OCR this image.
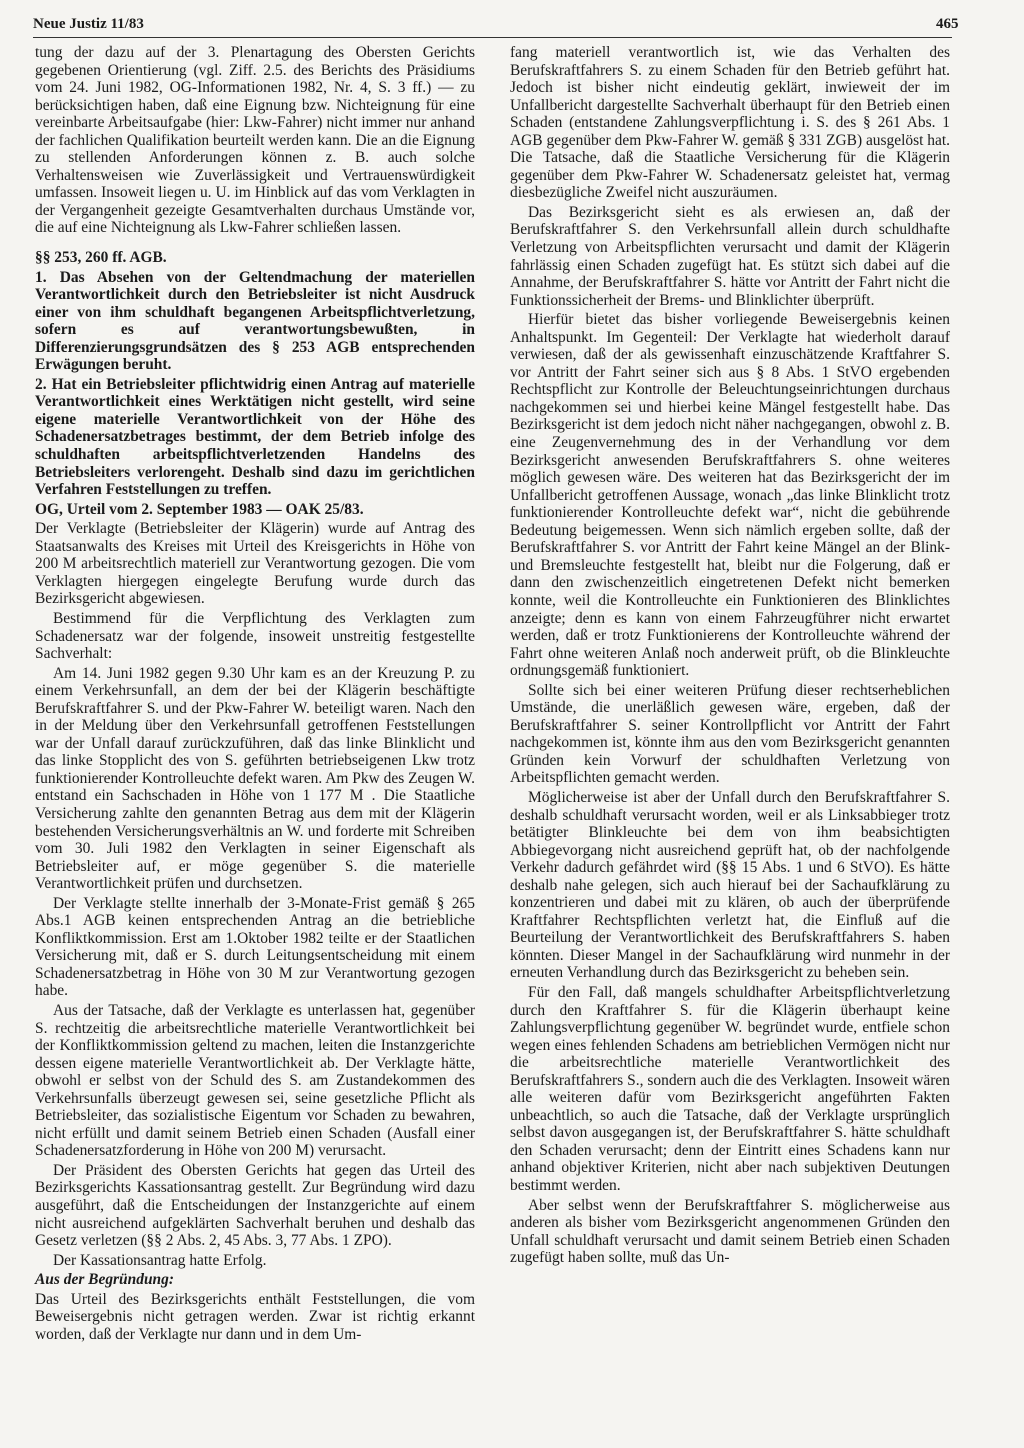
Neue Justiz 11/83	465

tung der dazu auf der 3. Plenartagung des Obersten Gerichts gegebenen Orientierung (vgl. Ziff. 2.5. des Berichts des Präsidiums vom 24. Juni 1982, OG-Informationen 1982, Nr. 4, S. 3 ff.) — zu berücksichtigen haben, daß eine Eignung bzw. Nichteignung für eine vereinbarte Arbeitsaufgabe (hier: Lkw-Fahrer) nicht immer nur anhand der fachlichen Qualifikation beurteilt werden kann. Die an die Eignung zu stellenden Anforderungen können z. B. auch solche Verhaltensweisen wie Zuverlässigkeit und Vertrauenswürdigkeit umfassen. Insoweit liegen u. U. im Hinblick auf das vom Verklagten in der Vergangenheit gezeigte Gesamtverhalten durchaus Umstände vor, die auf eine Nichteignung als Lkw-Fahrer schließen lassen.

§§ 253, 260 ff. AGB.

1. Das Absehen von der Geltendmachung der materiellen Verantwortlichkeit durch den Betriebsleiter ist nicht Ausdruck einer von ihm schuldhaft begangenen Arbeitspflichtverletzung, sofern es auf verantwortungsbewußten, in Differenzierungsgrundsätzen des § 253 AGB entsprechenden Erwägungen beruht.

2. Hat ein Betriebsleiter pflichtwidrig einen Antrag auf materielle Verantwortlichkeit eines Werktätigen nicht gestellt, wird seine eigene materielle Verantwortlichkeit von der Höhe des Schadenersatzbetrages bestimmt, der dem Betrieb infolge des schuldhaften arbeitspflichtverletzenden Handelns des Betriebsleiters verlorengeht. Deshalb sind dazu im gerichtlichen Verfahren Feststellungen zu treffen.

OG, Urteil vom 2. September 1983 — OAK 25/83.

Der Verklagte (Betriebsleiter der Klägerin) wurde auf Antrag des Staatsanwalts des Kreises mit Urteil des Kreisgerichts in Höhe von 200 M arbeitsrechtlich materiell zur Verantwortung gezogen. Die vom Verklagten hiergegen eingelegte Berufung wurde durch das Bezirksgericht abgewiesen.

Bestimmend für die Verpflichtung des Verklagten zum Schadenersatz war der folgende, insoweit unstreitig festgestellte Sachverhalt:

Am 14. Juni 1982 gegen 9.30 Uhr kam es an der Kreuzung P. zu einem Verkehrsunfall, an dem der bei der Klägerin beschäftigte Berufskraftfahrer S. und der Pkw-Fahrer W. beteiligt waren. Nach den in der Meldung über den Verkehrsunfall getroffenen Feststellungen war der Unfall darauf zurückzuführen, daß das linke Blinklicht und das linke Stopplicht des von S. geführten betriebseigenen Lkw trotz funktionierender Kontrolleuchte defekt waren. Am Pkw des Zeugen W. entstand ein Sachschaden in Höhe von 1 177 M . Die Staatliche Versicherung zahlte den genannten Betrag aus dem mit der Klägerin bestehenden Versicherungsverhältnis an W. und forderte mit Schreiben vom 30. Juli 1982 den Verklagten in seiner Eigenschaft als Betriebsleiter auf, er möge gegenüber S. die materielle Verantwortlichkeit prüfen und durchsetzen.

Der Verklagte stellte innerhalb der 3-Monate-Frist gemäß § 265 Abs.1 AGB keinen entsprechenden Antrag an die betriebliche Konfliktkommission. Erst am 1.Oktober 1982 teilte er der Staatlichen Versicherung mit, daß er S. durch Leitungsentscheidung mit einem Schadenersatzbetrag in Höhe von 30 M zur Verantwortung gezogen habe.

Aus der Tatsache, daß der Verklagte es unterlassen hat, gegenüber S. rechtzeitig die arbeitsrechtliche materielle Verantwortlichkeit bei der Konfliktkommission geltend zu machen, leiten die Instanzgerichte dessen eigene materielle Verantwortlichkeit ab. Der Verklagte hätte, obwohl er selbst von der Schuld des S. am Zustandekommen des Verkehrsunfalls überzeugt gewesen sei, seine gesetzliche Pflicht als Betriebsleiter, das sozialistische Eigentum vor Schaden zu bewahren, nicht erfüllt und damit seinem Betrieb einen Schaden (Ausfall einer Schadenersatzforderung in Höhe von 200 M) verursacht.

Der Präsident des Obersten Gerichts hat gegen das Urteil des Bezirksgerichts Kassationsantrag gestellt. Zur Begründung wird dazu ausgeführt, daß die Entscheidungen der Instanzgerichte auf einem nicht ausreichend aufgeklärten Sachverhalt beruhen und deshalb das Gesetz verletzen (§§ 2 Abs. 2, 45 Abs. 3, 77 Abs. 1 ZPO).

Der Kassationsantrag hatte Erfolg.

Aus der Begründung:

Das Urteil des Bezirksgerichts enthält Feststellungen, die vom Beweisergebnis nicht getragen werden. Zwar ist richtig erkannt worden, daß der Verklagte nur dann und in dem Um-

fang materiell verantwortlich ist, wie das Verhalten des Berufskraftfahrers S. zu einem Schaden für den Betrieb geführt hat. Jedoch ist bisher nicht eindeutig geklärt, inwieweit der im Unfallbericht dargestellte Sachverhalt überhaupt für den Betrieb einen Schaden (entstandene Zahlungsverpflichtung i. S. des § 261 Abs. 1 AGB gegenüber dem Pkw-Fahrer W. gemäß § 331 ZGB) ausgelöst hat. Die Tatsache, daß die Staatliche Versicherung für die Klägerin gegenüber dem Pkw-Fahrer W. Schadenersatz geleistet hat, vermag diesbezügliche Zweifel nicht auszuräumen.

Das Bezirksgericht sieht es als erwiesen an, daß der Berufskraftfahrer S. den Verkehrsunfall allein durch schuldhafte Verletzung von Arbeitspflichten verursacht und damit der Klägerin fahrlässig einen Schaden zugefügt hat. Es stützt sich dabei auf die Annahme, der Berufskraftfahrer S. hätte vor Antritt der Fahrt nicht die Funktionssicherheit der Brems- und Blinklichter überprüft.

Hierfür bietet das bisher vorliegende Beweisergebnis keinen Anhaltspunkt. Im Gegenteil: Der Verklagte hat wiederholt darauf verwiesen, daß der als gewissenhaft einzuschätzende Kraftfahrer S. vor Antritt der Fahrt seiner sich aus § 8 Abs. 1 StVO ergebenden Rechtspflicht zur Kontrolle der Beleuchtungseinrichtungen durchaus nachgekommen sei und hierbei keine Mängel festgestellt habe. Das Bezirksgericht ist dem jedoch nicht näher nachgegangen, obwohl z. B. eine Zeugenvernehmung des in der Verhandlung vor dem Bezirksgericht anwesenden Berufskraftfahrers S. ohne weiteres möglich gewesen wäre. Des weiteren hat das Bezirksgericht der im Unfallbericht getroffenen Aussage, wonach „das linke Blinklicht trotz funktionierender Kontrolleuchte defekt war“, nicht die gebührende Bedeutung beigemessen. Wenn sich nämlich ergeben sollte, daß der Berufskraftfahrer S. vor Antritt der Fahrt keine Mängel an der Blink- und Bremsleuchte festgestellt hat, bleibt nur die Folgerung, daß er dann den zwischenzeitlich eingetretenen Defekt nicht bemerken konnte, weil die Kontrolleuchte ein Funktionieren des Blinklichtes anzeigte; denn es kann von einem Fahrzeugführer nicht erwartet werden, daß er trotz Funktionierens der Kontrolleuchte während der Fahrt ohne weiteren Anlaß noch anderweit prüft, ob die Blinkleuchte ordnungsgemäß funktioniert.

Sollte sich bei einer weiteren Prüfung dieser rechtserheblichen Umstände, die unerläßlich gewesen wäre, ergeben, daß der Berufskraftfahrer S. seiner Kontrollpflicht vor Antritt der Fahrt nachgekommen ist, könnte ihm aus den vom Bezirksgericht genannten Gründen kein Vorwurf der schuldhaften Verletzung von Arbeitspflichten gemacht werden.

Möglicherweise ist aber der Unfall durch den Berufskraftfahrer S. deshalb schuldhaft verursacht worden, weil er als Linksabbieger trotz betätigter Blinkleuchte bei dem von ihm beabsichtigten Abbiegevorgang nicht ausreichend geprüft hat, ob der nachfolgende Verkehr dadurch gefährdet wird (§§ 15 Abs. 1 und 6 StVO). Es hätte deshalb nahe gelegen, sich auch hierauf bei der Sachaufklärung zu konzentrieren und dabei mit zu klären, ob auch der überprüfende Kraftfahrer Rechtspflichten verletzt hat, die Einfluß auf die Beurteilung der Verantwortlichkeit des Berufskraftfahrers S. haben könnten. Dieser Mangel in der Sachaufklärung wird nunmehr in der erneuten Verhandlung durch das Bezirksgericht zu beheben sein.

Für den Fall, daß mangels schuldhafter Arbeitspflichtverletzung durch den Kraftfahrer S. für die Klägerin überhaupt keine Zahlungsverpflichtung gegenüber W. begründet wurde, entfiele schon wegen eines fehlenden Schadens am betrieblichen Vermögen nicht nur die arbeitsrechtliche materielle Verantwortlichkeit des Berufskraftfahrers S., sondern auch die des Verklagten. Insoweit wären alle weiteren dafür vom Bezirksgericht angeführten Fakten unbeachtlich, so auch die Tatsache, daß der Verklagte ursprünglich selbst davon ausgegangen ist, der Berufskraftfahrer S. hätte schuldhaft den Schaden verursacht; denn der Eintritt eines Schadens kann nur anhand objektiver Kriterien, nicht aber nach subjektiven Deutungen bestimmt werden.

Aber selbst wenn der Berufskraftfahrer S. möglicherweise aus anderen als bisher vom Bezirksgericht angenommenen Gründen den Unfall schuldhaft verursacht und damit seinem Betrieb einen Schaden zugefügt haben sollte, muß das Un-
